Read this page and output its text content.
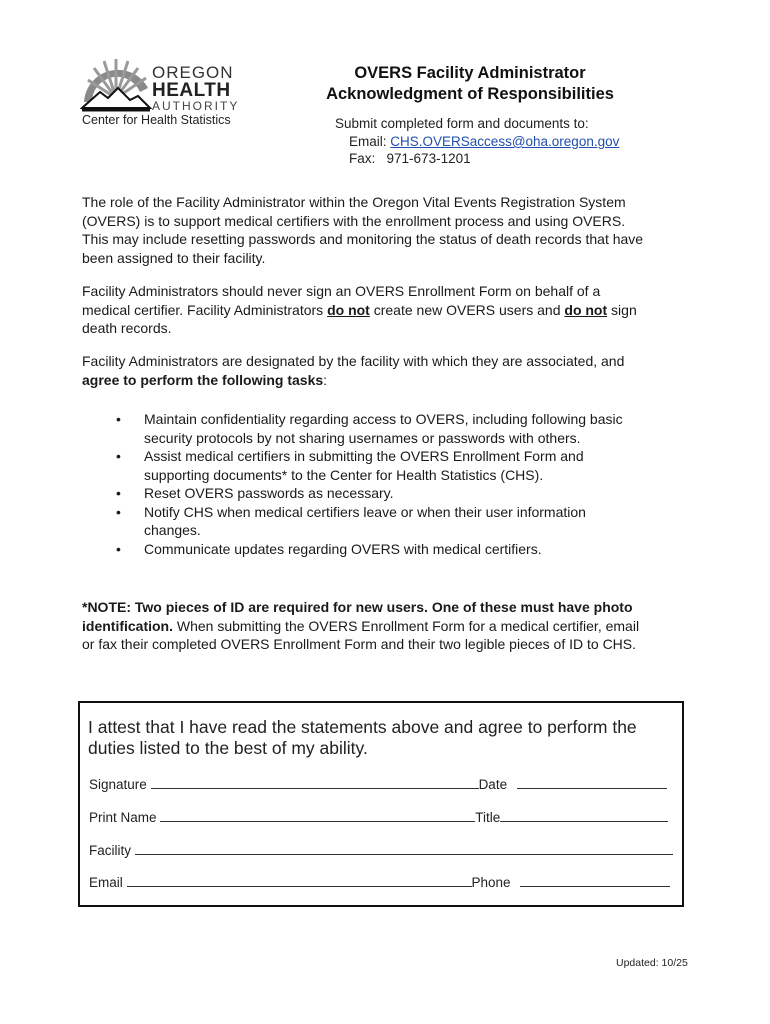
OREGON
HEALTH
AUTHORITY
Center for Health Statistics
OVERS Facility Administrator
Acknowledgment of Responsibilities
Submit completed form and documents to:
Email: CHS.OVERSaccess@oha.oregon.gov
Fax: 971-673-1201

The role of the Facility Administrator within the Oregon Vital Events Registration System (OVERS) is to support medical certifiers with the enrollment process and using OVERS. This may include resetting passwords and monitoring the status of death records that have been assigned to their facility.

Facility Administrators should never sign an OVERS Enrollment Form on behalf of a medical certifier. Facility Administrators do not create new OVERS users and do not sign death records.

Facility Administrators are designated by the facility with which they are associated, and agree to perform the following tasks:

• Maintain confidentiality regarding access to OVERS, including following basic security protocols by not sharing usernames or passwords with others.
• Assist medical certifiers in submitting the OVERS Enrollment Form and supporting documents* to the Center for Health Statistics (CHS).
• Reset OVERS passwords as necessary.
• Notify CHS when medical certifiers leave or when their user information changes.
• Communicate updates regarding OVERS with medical certifiers.

*NOTE: Two pieces of ID are required for new users. One of these must have photo identification. When submitting the OVERS Enrollment Form for a medical certifier, email or fax their completed OVERS Enrollment Form and their two legible pieces of ID to CHS.

I attest that I have read the statements above and agree to perform the duties listed to the best of my ability.
Signature	Date
Print Name	Title
Facility
Email	Phone
Updated: 10/25
